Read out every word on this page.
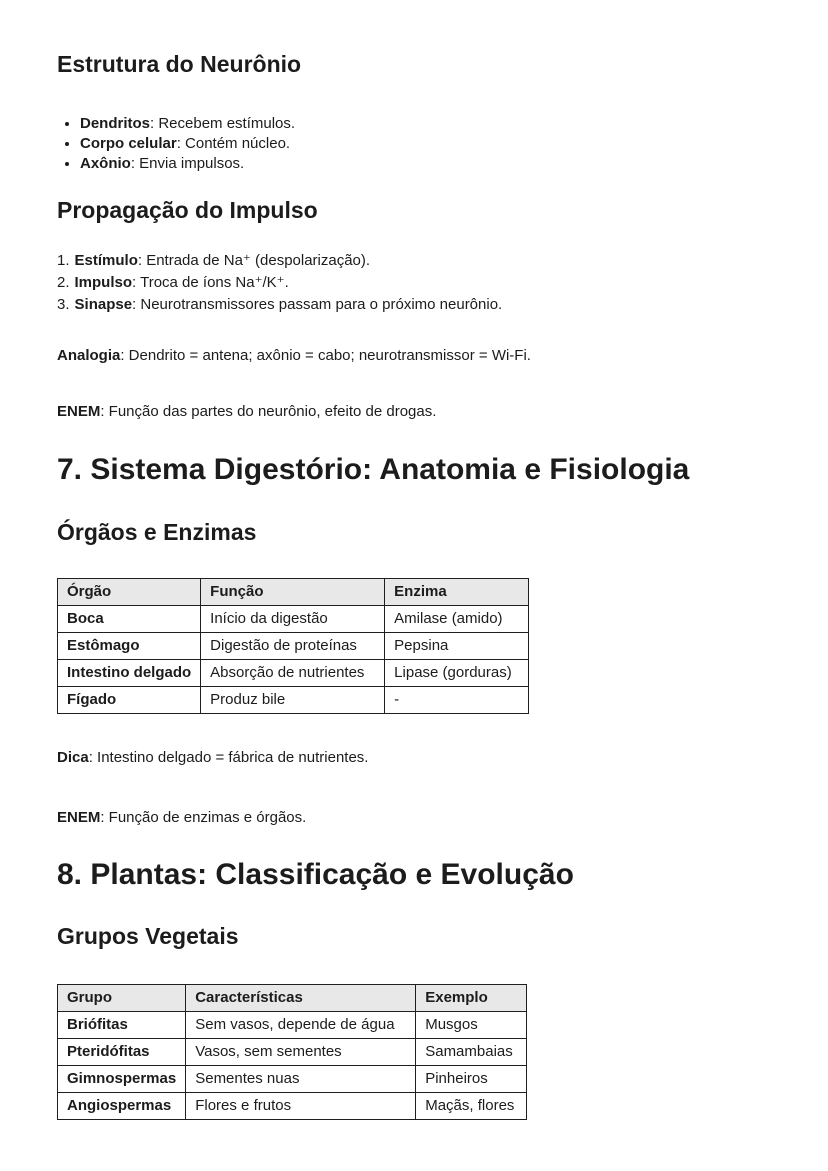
Estrutura do Neurônio
• Dendritos: Recebem estímulos.
• Corpo celular: Contém núcleo.
• Axônio: Envia impulsos.
Propagação do Impulso
1. Estímulo: Entrada de Na⁺ (despolarização).
2. Impulso: Troca de íons Na⁺/K⁺.
3. Sinapse: Neurotransmissores passam para o próximo neurônio.

Analogia: Dendrito = antena; axônio = cabo; neurotransmissor = Wi-Fi.

ENEM: Função das partes do neurônio, efeito de drogas.

7. Sistema Digestório: Anatomia e Fisiologia
Órgãos e Enzimas
Órgão	Função	Enzima
Boca	Início da digestão	Amilase (amido)
Estômago	Digestão de proteínas	Pepsina
Intestino delgado	Absorção de nutrientes	Lipase (gorduras)
Fígado	Produz bile	-

Dica: Intestino delgado = fábrica de nutrientes.

ENEM: Função de enzimas e órgãos.

8. Plantas: Classificação e Evolução
Grupos Vegetais
Grupo	Características	Exemplo
Briófitas	Sem vasos, depende de água	Musgos
Pteridófitas	Vasos, sem sementes	Samambaias
Gimnospermas	Sementes nuas	Pinheiros
Angiospermas	Flores e frutos	Maçãs, flores
